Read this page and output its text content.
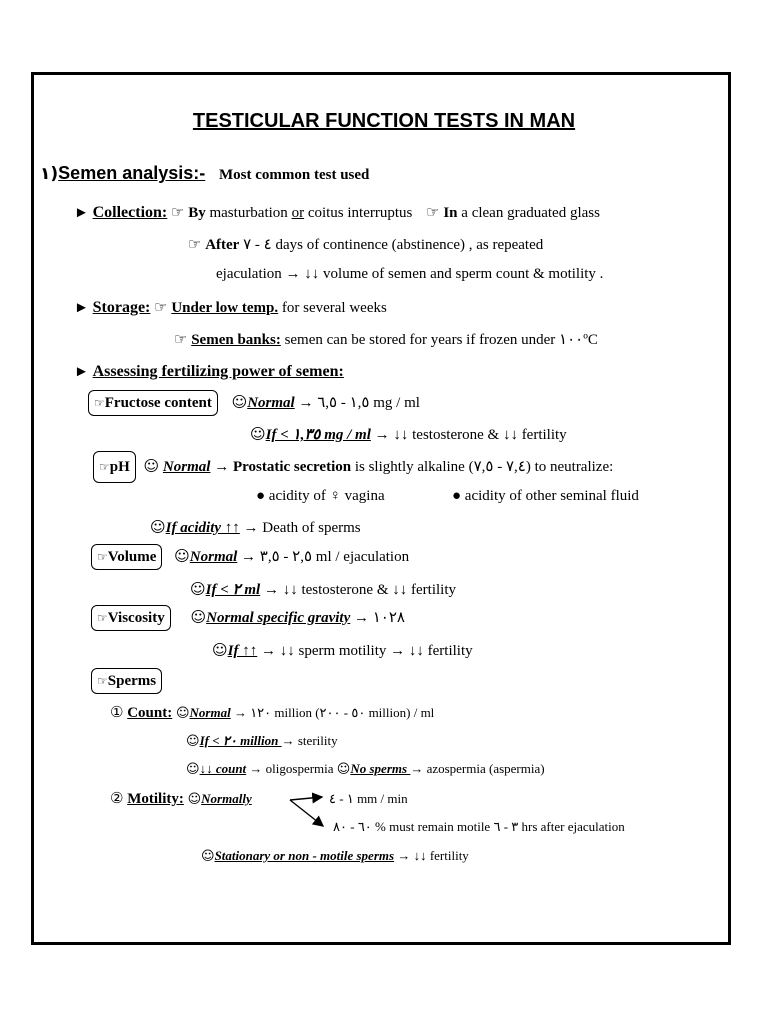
TESTICULAR FUNCTION TESTS IN MAN
١)Semen analysis:- Most common test used
► Collection: ☞ By masturbation or coitus interruptus ☞ In a clean graduated glass
☞ After ٤ - ٧ days of continence (abstinence) , as repeated
ejaculation → ↓↓ volume of semen and sperm count & motility .
► Storage: ☞ Under low temp. for several weeks
☞ Semen banks: semen can be stored for years if frozen under ١٠٠ºC
► Assessing fertilizing power of semen:
☞Fructose content ☺Normal → ١,٥ - ٦,٥ mg / ml
☺If < ١,٣٥ mg / ml → ↓↓ testosterone & ↓↓ fertility
☞pH ☺ Normal → Prostatic secretion is slightly alkaline (٧,٤ - ٧,٥) to neutralize:
● acidity of ♀ vagina	● acidity of other seminal fluid
☺If acidity ↑↑ → Death of sperms
☞Volume ☺Normal → ٢,٥ - ٣,٥ ml / ejaculation
☺If < ٢ ml → ↓↓ testosterone & ↓↓ fertility
☞Viscosity ☺Normal specific gravity → ١٠٢٨
☺If ↑↑ → ↓↓ sperm motility → ↓↓ fertility
☞Sperms
① Count: ☺Normal → ١٢٠ million (٥٠ - ٢٠٠ million) / ml
☺If < ٢٠ million → sterility
☺↓↓ count → oligospermia ☺No sperms → azospermia (aspermia)
② Motility: ☺Normally	١ - ٤ mm / min
٦٠ - ٨٠ % must remain motile ٣ - ٦ hrs after ejaculation
☺Stationary or non - motile sperms → ↓↓ fertility
